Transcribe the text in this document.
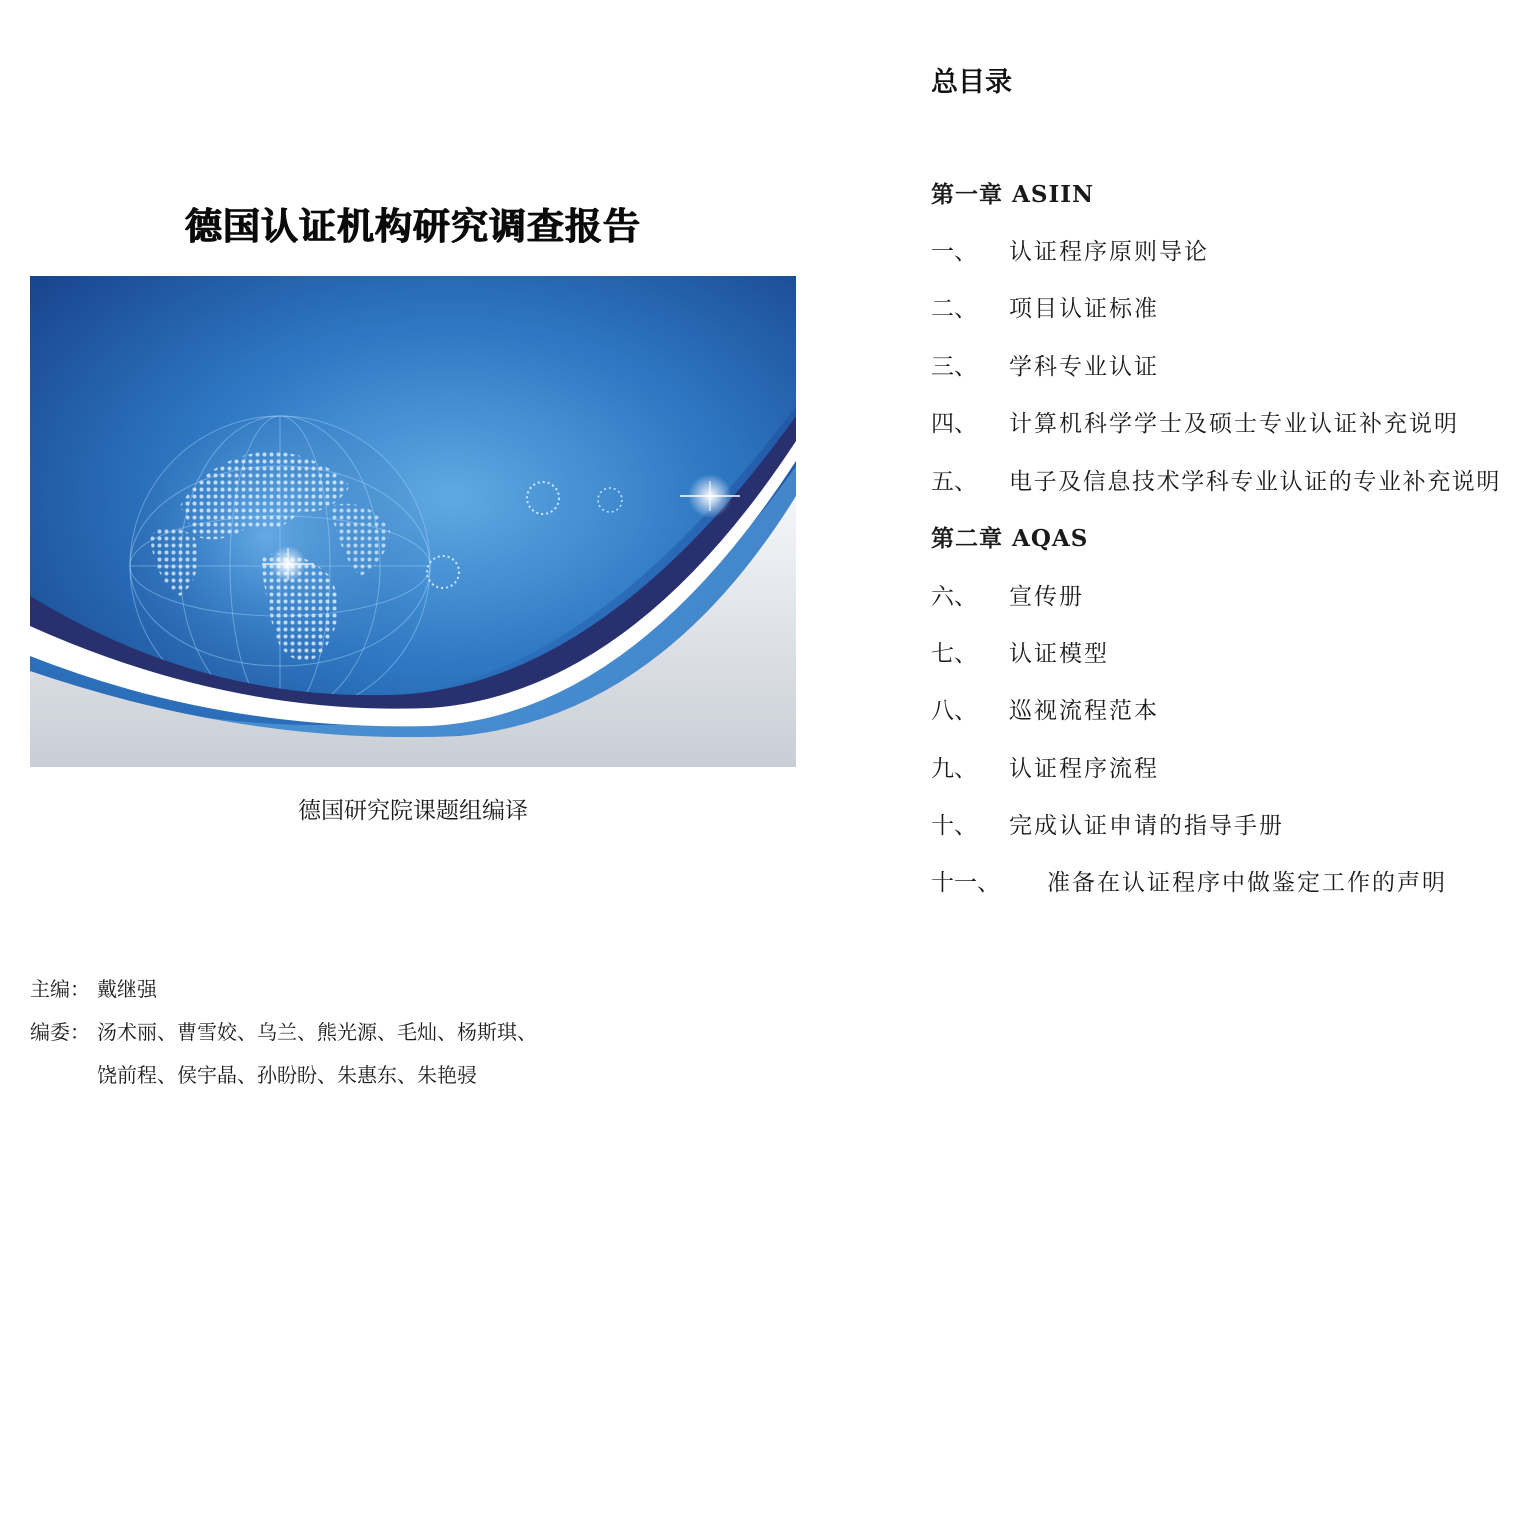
德国认证机构研究调查报告
德国研究院课题组编译
主编： 戴继强
编委： 汤术丽、曹雪姣、乌兰、熊光源、毛灿、杨斯琪、
饶前程、侯宇晶、孙盼盼、朱惠东、朱艳骎
总目录
第一章 ASIIN
一、 认证程序原则导论
二、 项目认证标准
三、 学科专业认证
四、 计算机科学学士及硕士专业认证补充说明
五、 电子及信息技术学科专业认证的专业补充说明
第二章 AQAS
六、 宣传册
七、 认证模型
八、 巡视流程范本
九、 认证程序流程
十、 完成认证申请的指导手册
十一、 准备在认证程序中做鉴定工作的声明
